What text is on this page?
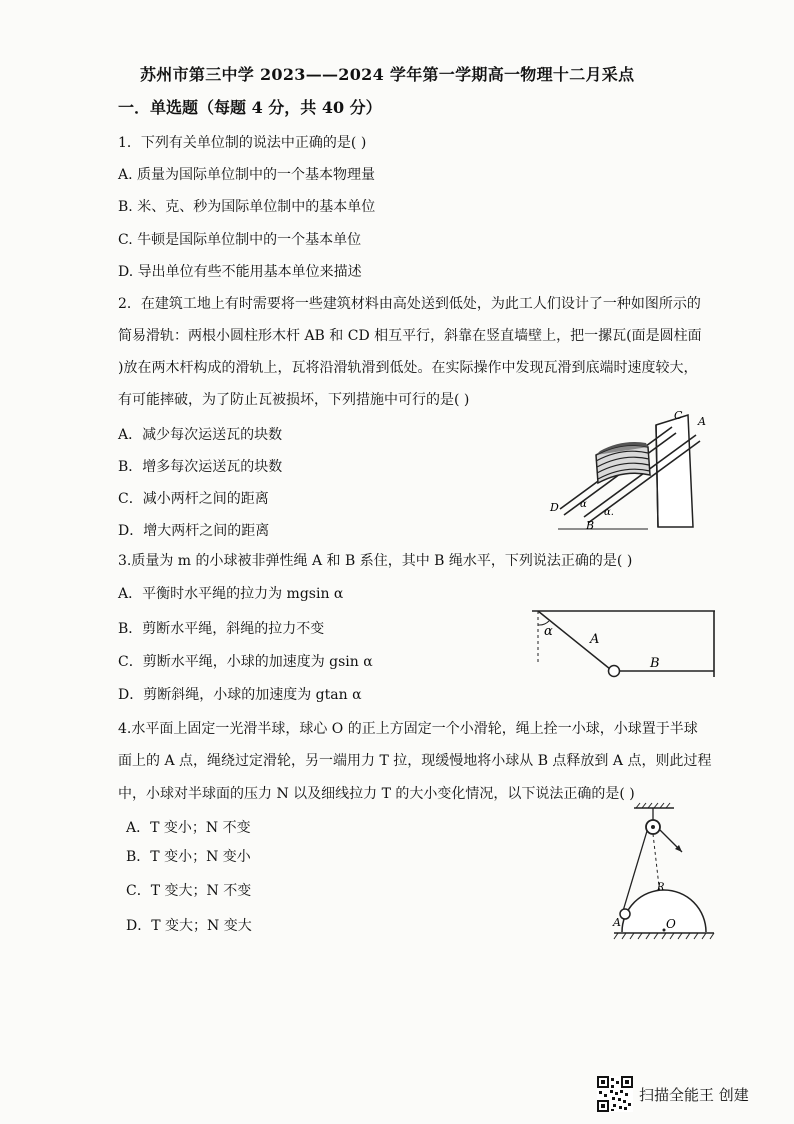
苏州市第三中学 2023——2024 学年第一学期高一物理十二月采点
一．单选题（每题 4 分，共 40 分）
1．下列有关单位制的说法中正确的是( )
A. 质量为国际单位制中的一个基本物理量
B. 米、克、秒为国际单位制中的基本单位
C. 牛顿是国际单位制中的一个基本单位
D. 导出单位有些不能用基本单位来描述
2．在建筑工地上有时需要将一些建筑材料由高处送到低处，为此工人们设计了一种如图所示的
简易滑轨：两根小圆柱形木杆 AB 和 CD 相互平行，斜靠在竖直墙壁上，把一摞瓦(面是圆柱面
)放在两木杆构成的滑轨上，瓦将沿滑轨滑到低处。在实际操作中发现瓦滑到底端时速度较大，
有可能摔破，为了防止瓦被损坏，下列措施中可行的是( )
A．减少每次运送瓦的块数
B．增多每次运送瓦的块数
C．减小两杆之间的距离
D．增大两杆之间的距离
C A
D
B
α
α.
3.质量为 m 的小球被非弹性绳 A 和 B 系住，其中 B 绳水平，下列说法正确的是( )
A．平衡时水平绳的拉力为 mgsin α
B．剪断水平绳，斜绳的拉力不变
C．剪断水平绳，小球的加速度为 gsin α
D．剪断斜绳，小球的加速度为 gtan α
α
A
B
4.水平面上固定一光滑半球，球心 O 的正上方固定一个小滑轮，绳上拴一小球，小球置于半球
面上的 A 点，绳绕过定滑轮，另一端用力 T 拉，现缓慢地将小球从 B 点释放到 A 点，则此过程
中，小球对半球面的压力 N 以及细线拉力 T 的大小变化情况，以下说法正确的是( )
A．T 变小；N 不变
B．T 变小；N 变小
C．T 变大；N 不变
D．T 变大；N 变大
R
A	O
扫描全能王 创建
